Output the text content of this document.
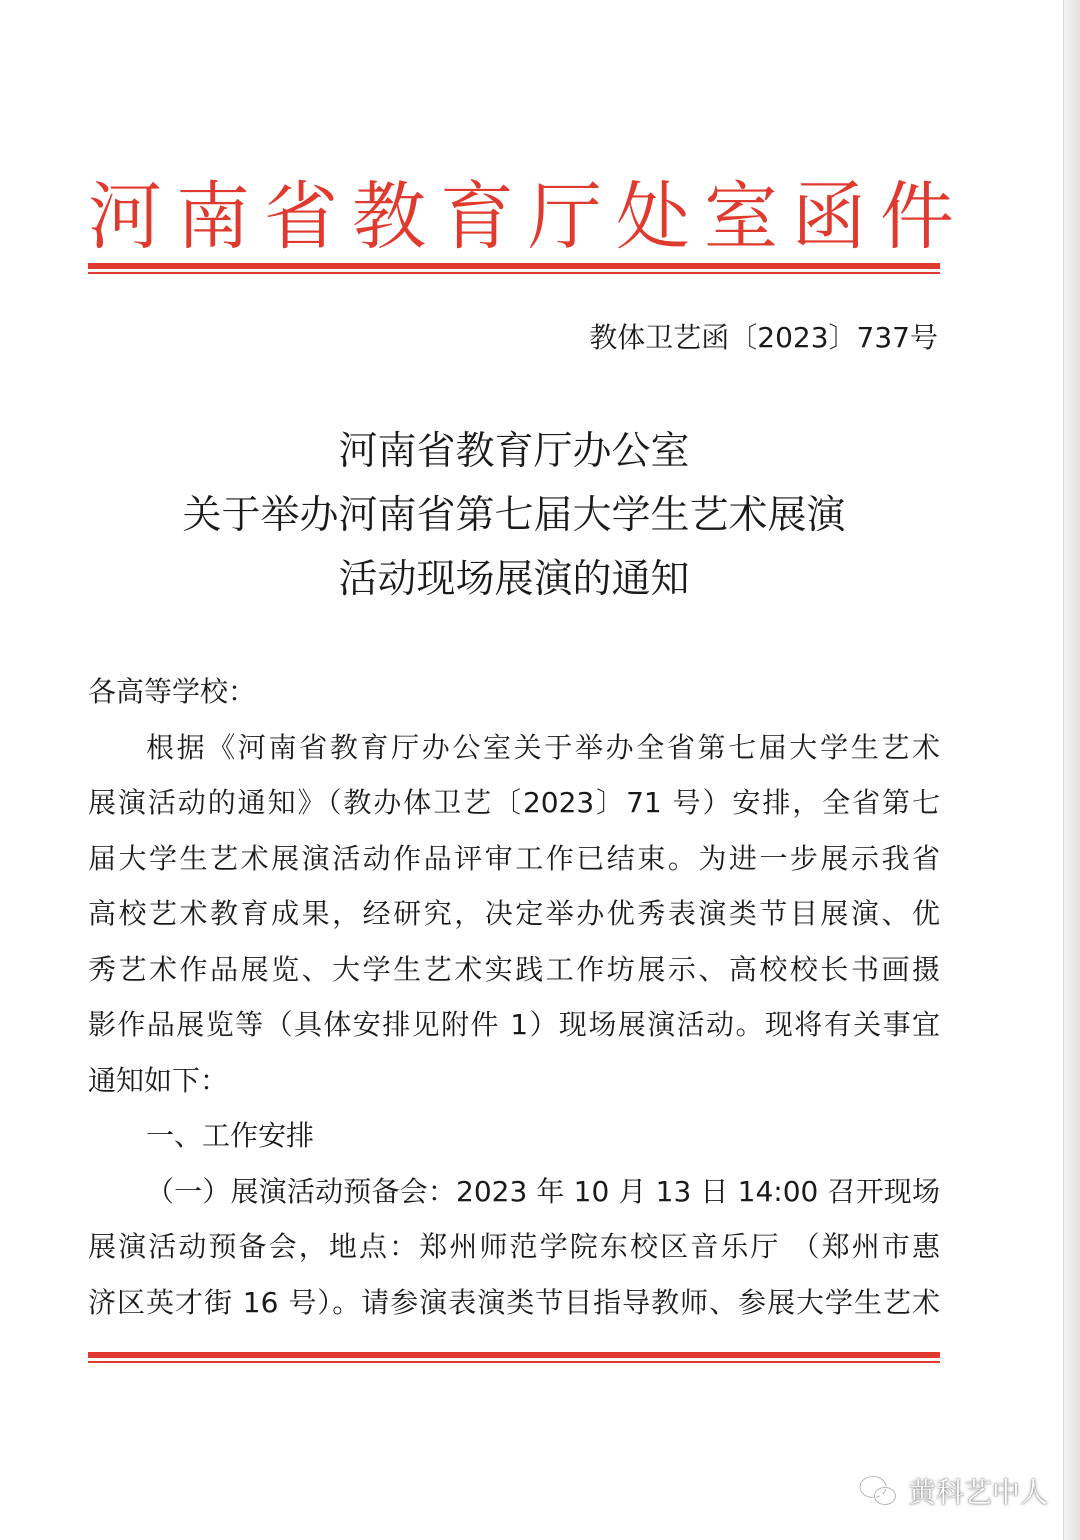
河南省教育厅处室函件
教体卫艺函〔2023〕737号
河南省教育厅办公室
关于举办河南省第七届大学生艺术展演
活动现场展演的通知
各高等学校：
根据《河南省教育厅办公室关于举办全省第七届大学生艺术
展演活动的通知》（教办体卫艺〔2023〕71 号）安排，全省第七
届大学生艺术展演活动作品评审工作已结束。为进一步展示我省
高校艺术教育成果，经研究，决定举办优秀表演类节目展演、优
秀艺术作品展览、大学生艺术实践工作坊展示、高校校长书画摄
影作品展览等（具体安排见附件 1）现场展演活动。现将有关事宜
通知如下：
一、工作安排
（一）展演活动预备会：2023 年 10 月 13 日 14:00 召开现场
展演活动预备会，地点：郑州师范学院东校区音乐厅 （郑州市惠
济区英才街 16 号）。请参演表演类节目指导教师、参展大学生艺术
黄科艺中人
